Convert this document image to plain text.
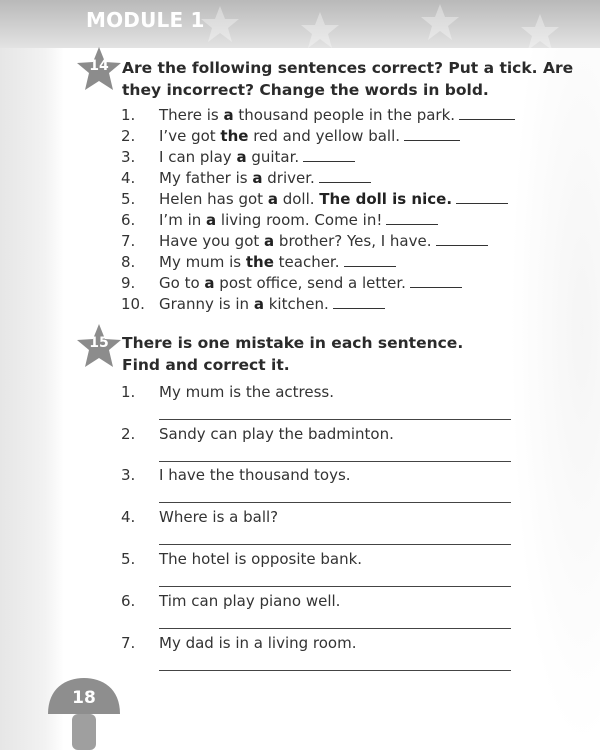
MODULE 1
14 Are the following sentences correct? Put a tick. Are
they incorrect? Change the words in bold.
1. There is a thousand people in the park.
2. I’ve got the red and yellow ball.
3. I can play a guitar.
4. My father is a driver.
5. Helen has got a doll. The doll is nice.
6. I’m in a living room. Come in!
7. Have you got a brother? Yes, I have.
8. My mum is the teacher.
9. Go to a post office, send a letter.
10. Granny is in a kitchen.
15 There is one mistake in each sentence.
Find and correct it.
1. My mum is the actress.
2. Sandy can play the badminton.
3. I have the thousand toys.
4. Where is a ball?
5. The hotel is opposite bank.
6. Tim can play piano well.
7. My dad is in a living room.
18
